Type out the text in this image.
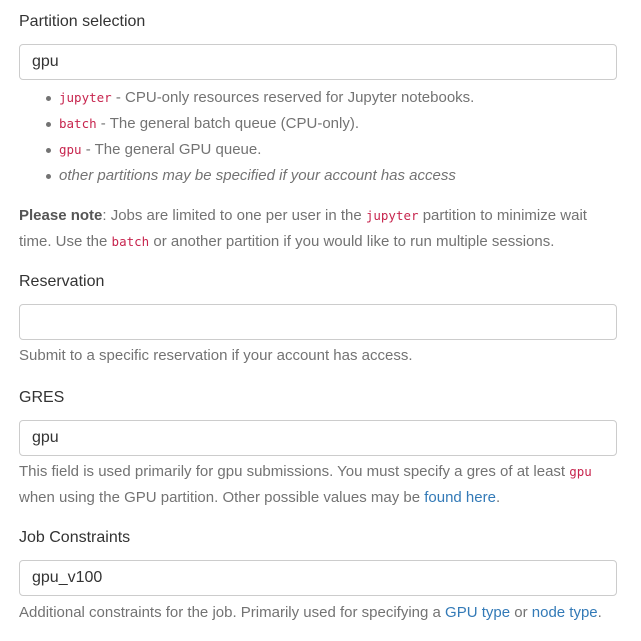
Partition selection
gpu
jupyter - CPU-only resources reserved for Jupyter notebooks.
batch - The general batch queue (CPU-only).
gpu - The general GPU queue.
other partitions may be specified if your account has access
Please note: Jobs are limited to one per user in the jupyter partition to minimize wait time. Use the batch or another partition if you would like to run multiple sessions.
Reservation
Submit to a specific reservation if your account has access.
GRES
gpu
This field is used primarily for gpu submissions. You must specify a gres of at least gpu when using the GPU partition. Other possible values may be found here.
Job Constraints
gpu_v100
Additional constraints for the job. Primarily used for specifying a GPU type or node type.
